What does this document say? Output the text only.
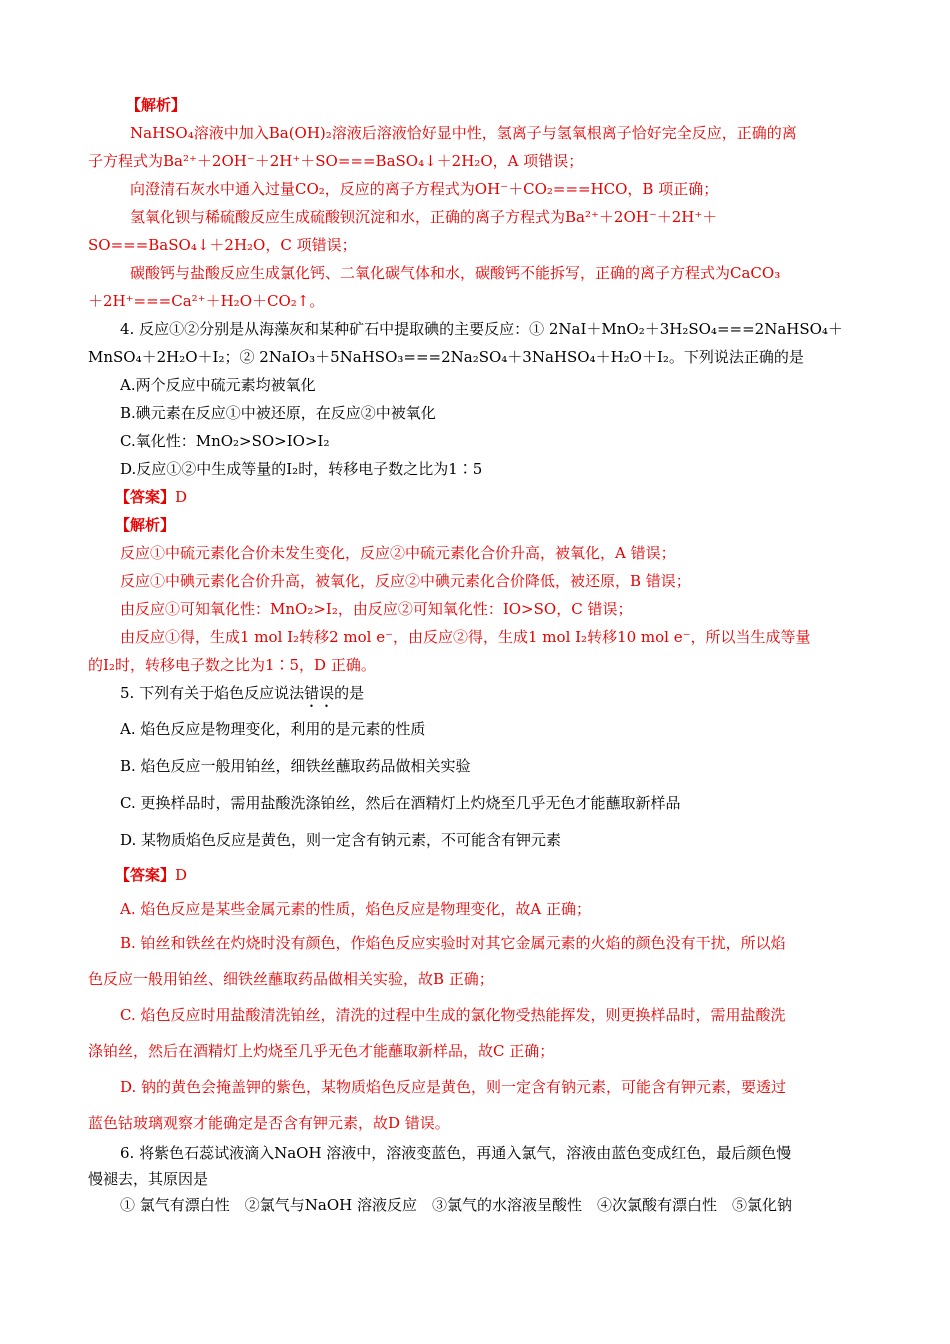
【解析】
NaHSO₄溶液中加入Ba(OH)₂溶液后溶液恰好显中性，氢离子与氢氧根离子恰好完全反应，正确的离
子方程式为Ba²⁺＋2OH⁻＋2H⁺＋SO===BaSO₄↓＋2H₂O，A 项错误；
向澄清石灰水中通入过量CO₂，反应的离子方程式为OH⁻＋CO₂===HCO，B 项正确；
氢氧化钡与稀硫酸反应生成硫酸钡沉淀和水，正确的离子方程式为Ba²⁺＋2OH⁻＋2H⁺＋
SO===BaSO₄↓＋2H₂O，C 项错误；
碳酸钙与盐酸反应生成氯化钙、二氧化碳气体和水，碳酸钙不能拆写，正确的离子方程式为CaCO₃
＋2H⁺===Ca²⁺＋H₂O＋CO₂↑。
4. 反应①②分别是从海藻灰和某种矿石中提取碘的主要反应：① 2NaI＋MnO₂＋3H₂SO₄===2NaHSO₄＋
MnSO₄＋2H₂O＋I₂；② 2NaIO₃＋5NaHSO₃===2Na₂SO₄＋3NaHSO₄＋H₂O＋I₂。下列说法正确的是
A.两个反应中硫元素均被氧化
B.碘元素在反应①中被还原，在反应②中被氧化
C.氧化性：MnO₂>SO>IO>I₂
D.反应①②中生成等量的I₂时，转移电子数之比为1∶5
【答案】D
【解析】
反应①中硫元素化合价未发生变化，反应②中硫元素化合价升高，被氧化，A 错误；
反应①中碘元素化合价升高，被氧化，反应②中碘元素化合价降低，被还原，B 错误；
由反应①可知氧化性：MnO₂>I₂，由反应②可知氧化性：IO>SO，C 错误；
由反应①得，生成1 mol I₂转移2 mol e⁻，由反应②得，生成1 mol I₂转移10 mol e⁻，所以当生成等量
的I₂时，转移电子数之比为1∶5，D 正确。
5. 下列有关于焰色反应说法错误的是
A. 焰色反应是物理变化，利用的是元素的性质
B. 焰色反应一般用铂丝，细铁丝蘸取药品做相关实验
C. 更换样品时，需用盐酸洗涤铂丝，然后在酒精灯上灼烧至几乎无色才能蘸取新样品
D. 某物质焰色反应是黄色，则一定含有钠元素，不可能含有钾元素
【答案】D
A. 焰色反应是某些金属元素的性质，焰色反应是物理变化，故A 正确；
B. 铂丝和铁丝在灼烧时没有颜色，作焰色反应实验时对其它金属元素的火焰的颜色没有干扰，所以焰
色反应一般用铂丝、细铁丝蘸取药品做相关实验，故B 正确；
C. 焰色反应时用盐酸清洗铂丝，清洗的过程中生成的氯化物受热能挥发，则更换样品时，需用盐酸洗
涤铂丝，然后在酒精灯上灼烧至几乎无色才能蘸取新样品，故C 正确；
D. 钠的黄色会掩盖钾的紫色，某物质焰色反应是黄色，则一定含有钠元素，可能含有钾元素，要透过
蓝色钴玻璃观察才能确定是否含有钾元素，故D 错误。
6. 将紫色石蕊试液滴入NaOH 溶液中，溶液变蓝色，再通入氯气，溶液由蓝色变成红色，最后颜色慢
慢褪去，其原因是
① 氯气有漂白性　②氯气与NaOH 溶液反应　③氯气的水溶液呈酸性　④次氯酸有漂白性　⑤氯化钠
